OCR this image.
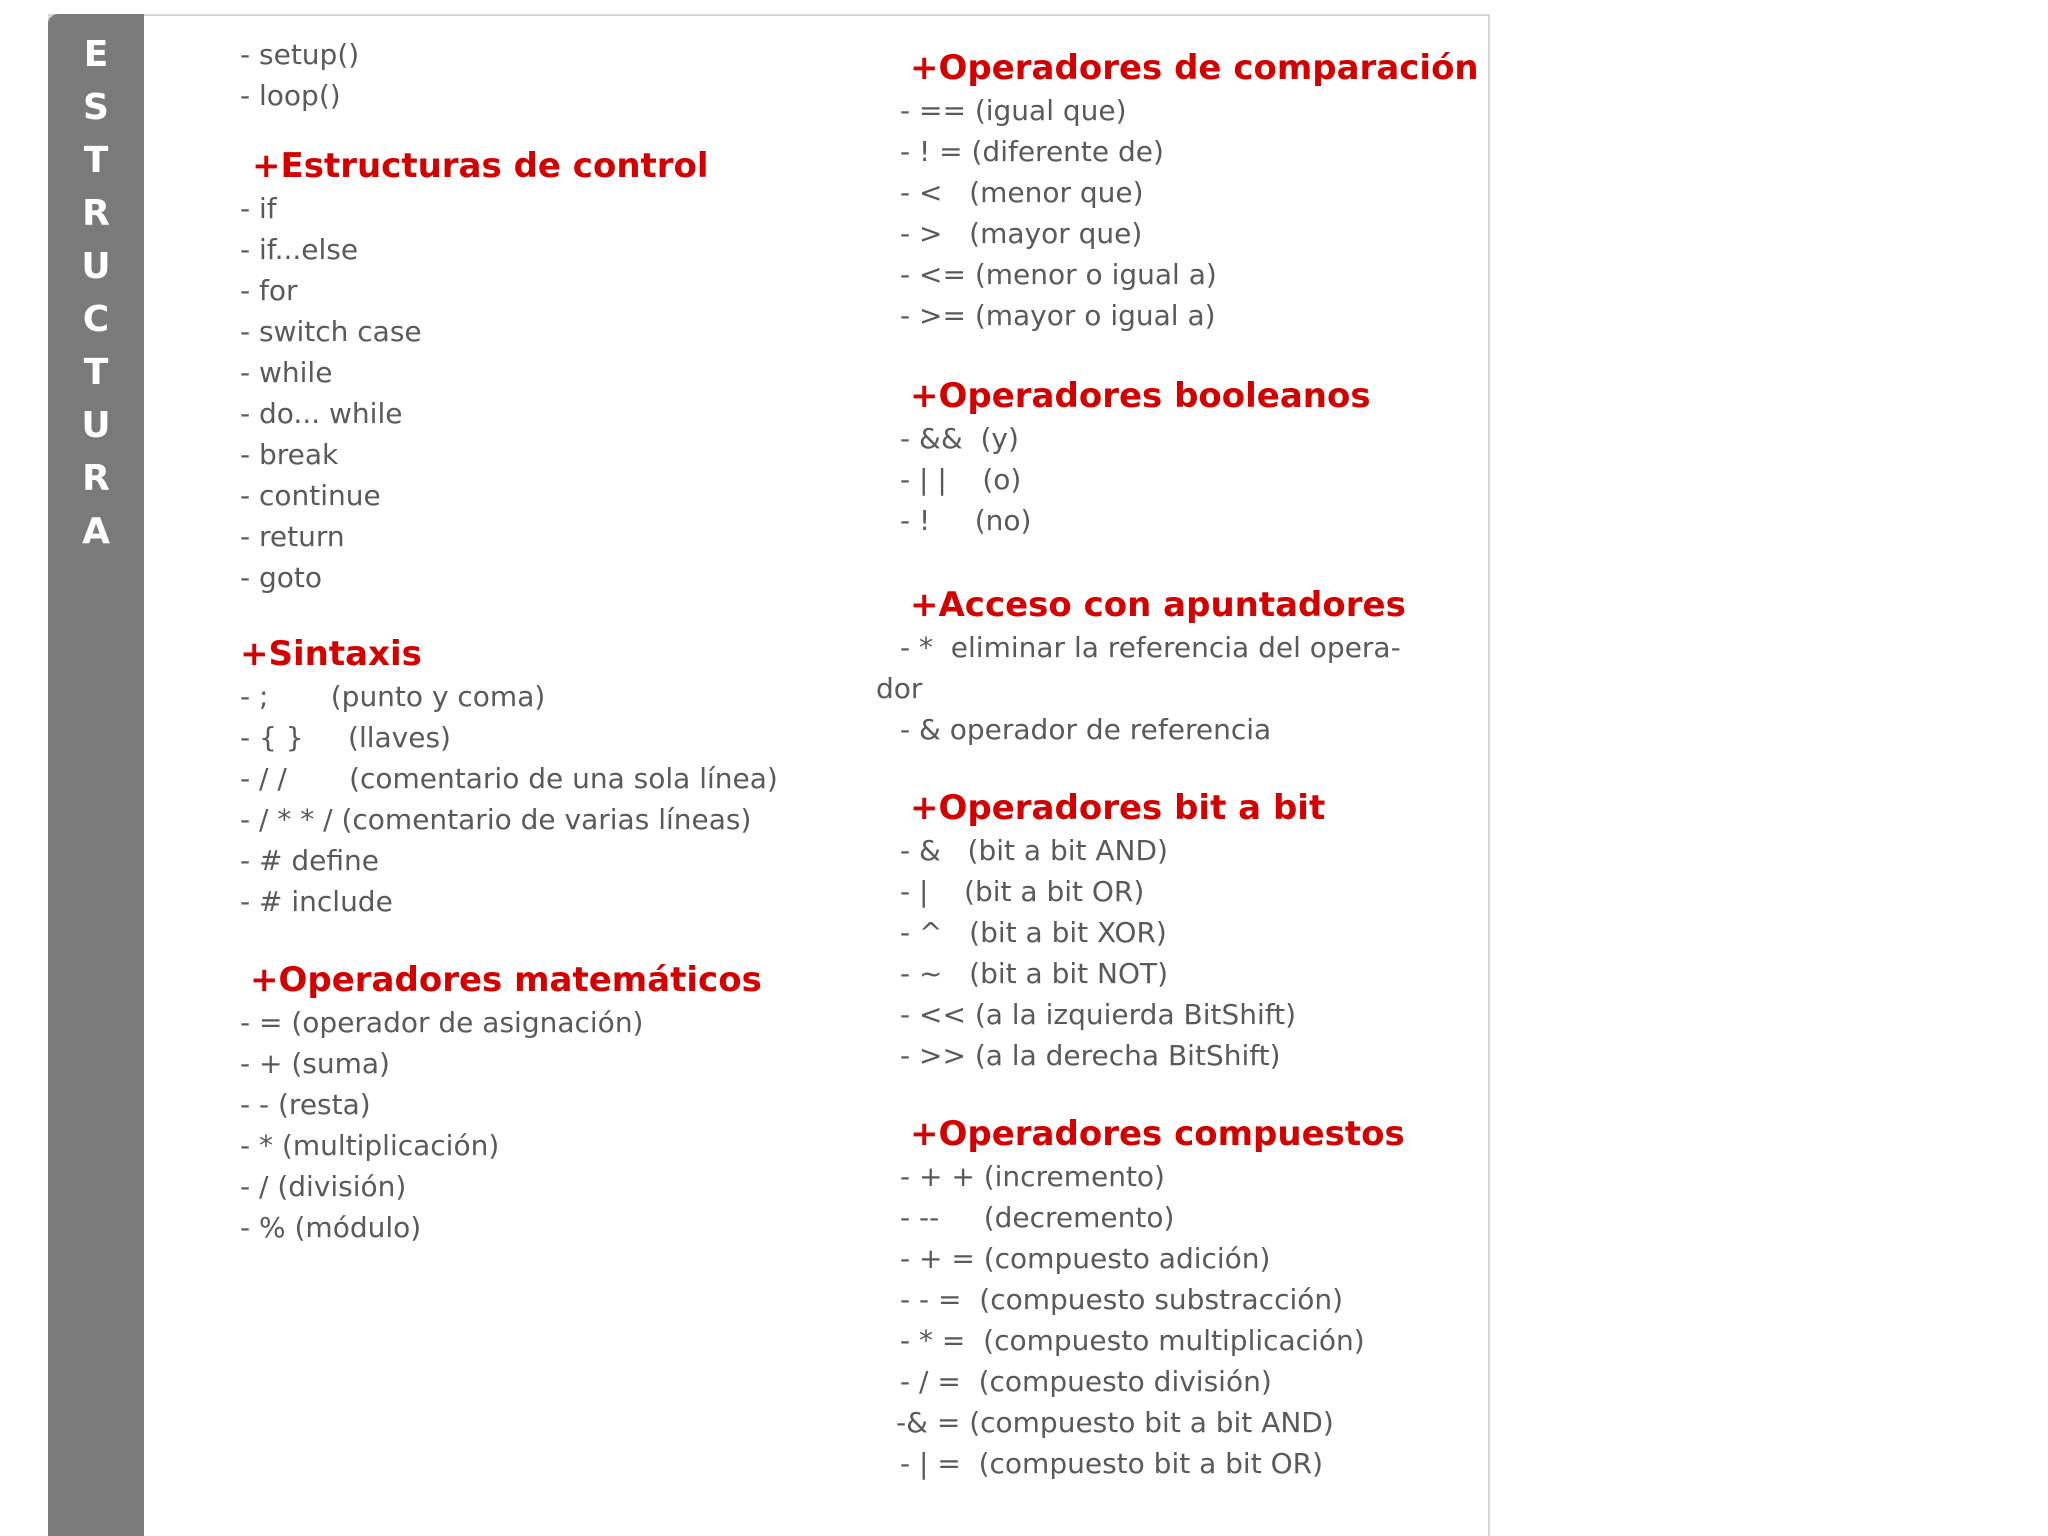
E
S
T
R
U
C
T
U
R
A
- setup()
- loop()
+Estructuras de control
- if
- if...else
- for
- switch case
- while
- do... while
- break
- continue
- return
- goto
+Sintaxis
- ;       (punto y coma)
- { }     (llaves)
- / /       (comentario de una sola línea)
- / * * / (comentario de varias líneas)
- # define
- # include
+Operadores matemáticos
- = (operador de asignación)
- + (suma)
- - (resta)
- * (multiplicación)
- / (división)
- % (módulo)
+Operadores de comparación
- == (igual que)
- ! = (diferente de)
- <   (menor que)
- >   (mayor que)
- <= (menor o igual a)
- >= (mayor o igual a)
+Operadores booleanos
- &&  (y)
- | |    (o)
- !     (no)
+Acceso con apuntadores
- *  eliminar la referencia del opera-
dor
- & operador de referencia
+Operadores bit a bit
- &   (bit a bit AND)
- |    (bit a bit OR)
- ^   (bit a bit XOR)
- ~   (bit a bit NOT)
- << (a la izquierda BitShift)
- >> (a la derecha BitShift)
+Operadores compuestos
- + + (incremento)
- --     (decremento)
- + = (compuesto adición)
- - =  (compuesto substracción)
- * =  (compuesto multiplicación)
- / =  (compuesto división)
-& = (compuesto bit a bit AND)
- | =  (compuesto bit a bit OR)
